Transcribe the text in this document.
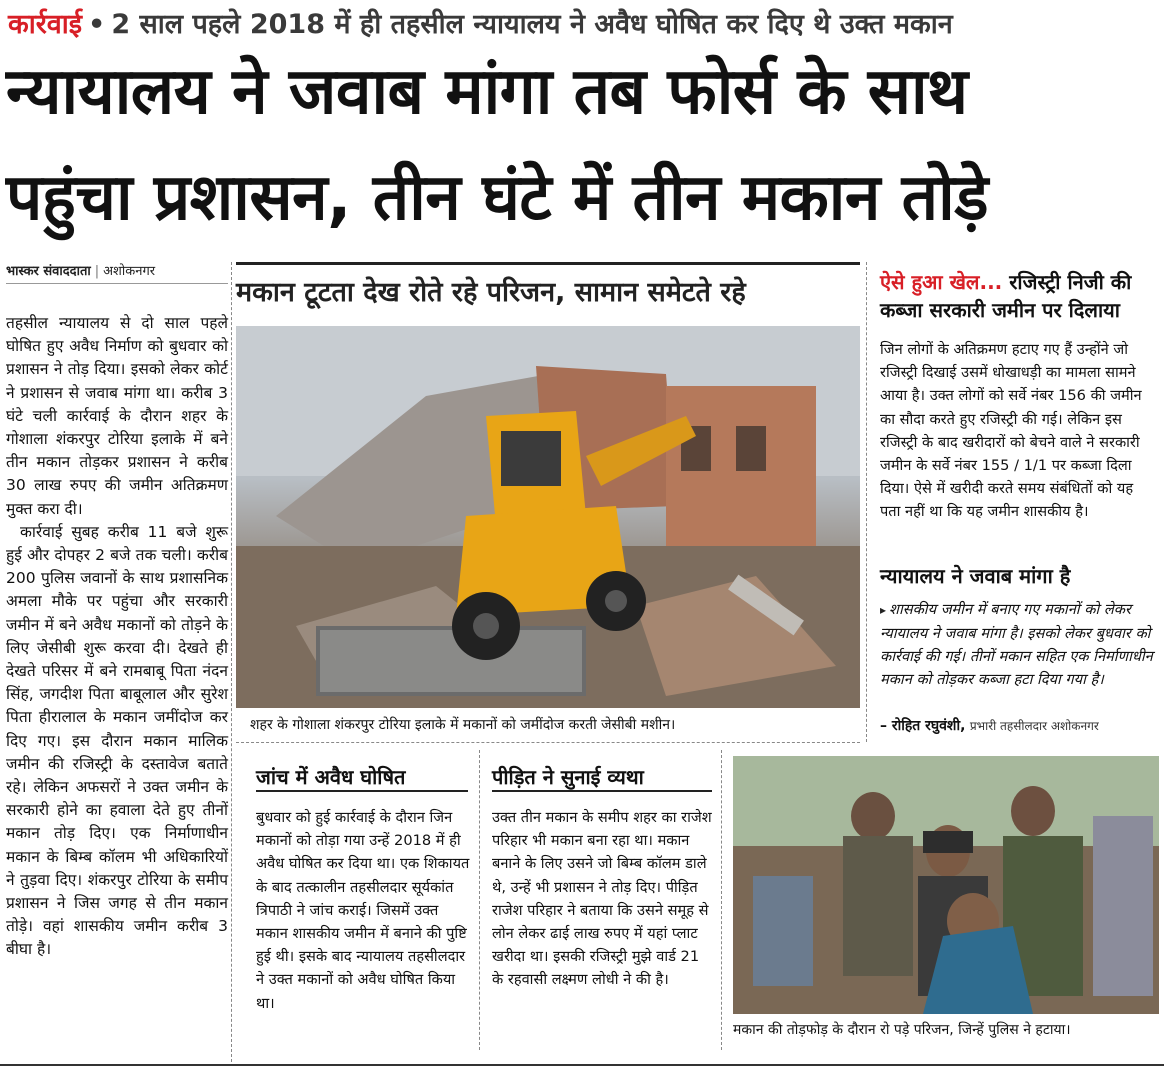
कार्रवाई • 2 साल पहले 2018 में ही तहसील न्यायालय ने अवैध घोषित कर दिए थे उक्त मकान
न्यायालय ने जवाब मांगा तब फोर्स के साथ
पहुंचा प्रशासन, तीन घंटे में तीन मकान तोड़े
भास्कर संवाददाता | अशोकनगर

तहसील न्यायालय से दो साल पहले घोषित हुए अवैध निर्माण को बुधवार को प्रशासन ने तोड़ दिया। इसको लेकर कोर्ट ने प्रशासन से जवाब मांगा था। करीब 3 घंटे चली कार्रवाई के दौरान शहर के गोशाला शंकरपुर टोरिया इलाके में बने तीन मकान तोड़कर प्रशासन ने करीब 30 लाख रुपए की जमीन अतिक्रमण मुक्त करा दी।

कार्रवाई सुबह करीब 11 बजे शुरू हुई और दोपहर 2 बजे तक चली। करीब 200 पुलिस जवानों के साथ प्रशासनिक अमला मौके पर पहुंचा और सरकारी जमीन में बने अवैध मकानों को तोड़ने के लिए जेसीबी शुरू करवा दी। देखते ही देखते परिसर में बने रामबाबू पिता नंदन सिंह, जगदीश पिता बाबूलाल और सुरेश पिता हीरालाल के मकान जमींदोज कर दिए गए। इस दौरान मकान मालिक जमीन की रजिस्ट्री के दस्तावेज बताते रहे। लेकिन अफसरों ने उक्त जमीन के सरकारी होने का हवाला देते हुए तीनों मकान तोड़ दिए। एक निर्माणाधीन मकान के बिम्ब कॉलम भी अधिकारियों ने तुड़वा दिए। शंकरपुर टोरिया के समीप प्रशासन ने जिस जगह से तीन मकान तोड़े। वहां शासकीय जमीन करीब 3 बीघा है।

मकान टूटता देख रोते रहे परिजन, सामान समेटते रहे
शहर के गोशाला शंकरपुर टोरिया इलाके में मकानों को जमींदोज करती जेसीबी मशीन।
ऐसे हुआ खेल... रजिस्ट्री निजी की कब्जा सरकारी जमीन पर दिलाया
जिन लोगों के अतिक्रमण हटाए गए हैं उन्होंने जो रजिस्ट्री दिखाई उसमें धोखाधड़ी का मामला सामने आया है। उक्त लोगों को सर्वे नंबर 156 की जमीन का सौदा करते हुए रजिस्ट्री की गई। लेकिन इस रजिस्ट्री के बाद खरीदारों को बेचने वाले ने सरकारी जमीन के सर्वे नंबर 155 / 1/1 पर कब्जा दिला दिया। ऐसे में खरीदी करते समय संबंधितों को यह पता नहीं था कि यह जमीन शासकीय है।
न्यायालय ने जवाब मांगा है
▸ शासकीय जमीन में बनाए गए मकानों को लेकर न्यायालय ने जवाब मांगा है। इसको लेकर बुधवार को कार्रवाई की गई। तीनों मकान सहित एक निर्माणाधीन मकान को तोड़कर कब्जा हटा दिया गया है।
– रोहित रघुवंशी, प्रभारी तहसीलदार अशोकनगर
जांच में अवैध घोषित
बुधवार को हुई कार्रवाई के दौरान जिन मकानों को तोड़ा गया उन्हें 2018 में ही अवैध घोषित कर दिया था। एक शिकायत के बाद तत्कालीन तहसीलदार सूर्यकांत त्रिपाठी ने जांच कराई। जिसमें उक्त मकान शासकीय जमीन में बनाने की पुष्टि हुई थी। इसके बाद न्यायालय तहसीलदार ने उक्त मकानों को अवैध घोषित किया था।
पीड़ित ने सुनाई व्यथा
उक्त तीन मकान के समीप शहर का राजेश परिहार भी मकान बना रहा था। मकान बनाने के लिए उसने जो बिम्ब कॉलम डाले थे, उन्हें भी प्रशासन ने तोड़ दिए। पीड़ित राजेश परिहार ने बताया कि उसने समूह से लोन लेकर ढाई लाख रुपए में यहां प्लाट खरीदा था। इसकी रजिस्ट्री मुझे वार्ड 21 के रहवासी लक्ष्मण लोधी ने की है।
मकान की तोड़फोड़ के दौरान रो पड़े परिजन, जिन्हें पुलिस ने हटाया।
